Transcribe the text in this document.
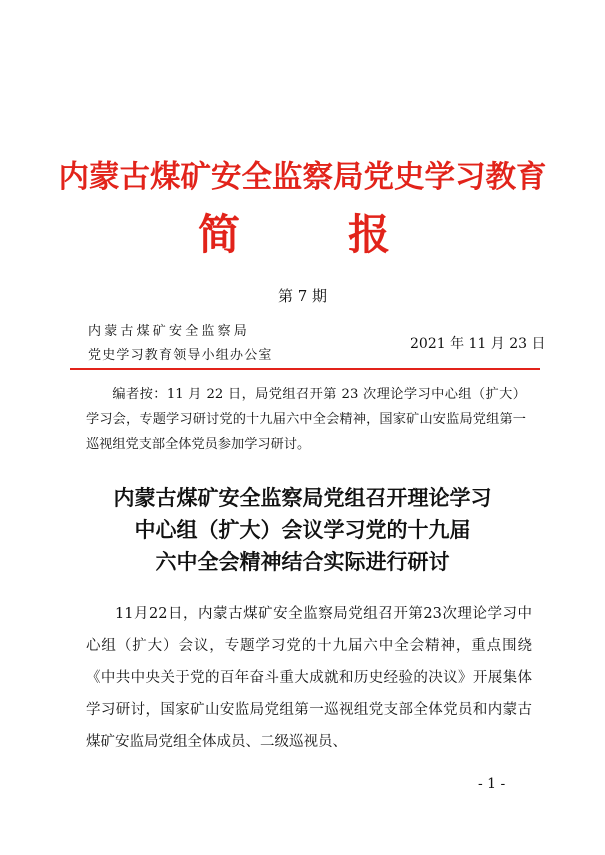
内蒙古煤矿安全监察局党史学习教育
简	报
第 7 期
内蒙古煤矿安全监察局
党史学习教育领导小组办公室
2021 年 11 月 23 日
编者按：11 月 22 日，局党组召开第 23 次理论学习中心组（扩大）学习会，专题学习研讨党的十九届六中全会精神，国家矿山安监局党组第一巡视组党支部全体党员参加学习研讨。
内蒙古煤矿安全监察局党组召开理论学习
中心组（扩大）会议学习党的十九届
六中全会精神结合实际进行研讨
11月22日，内蒙古煤矿安全监察局党组召开第23次理论学习中心组（扩大）会议，专题学习党的十九届六中全会精神，重点围绕《中共中央关于党的百年奋斗重大成就和历史经验的决议》开展集体学习研讨，国家矿山安监局党组第一巡视组党支部全体党员和内蒙古煤矿安监局党组全体成员、二级巡视员、
- 1 -
